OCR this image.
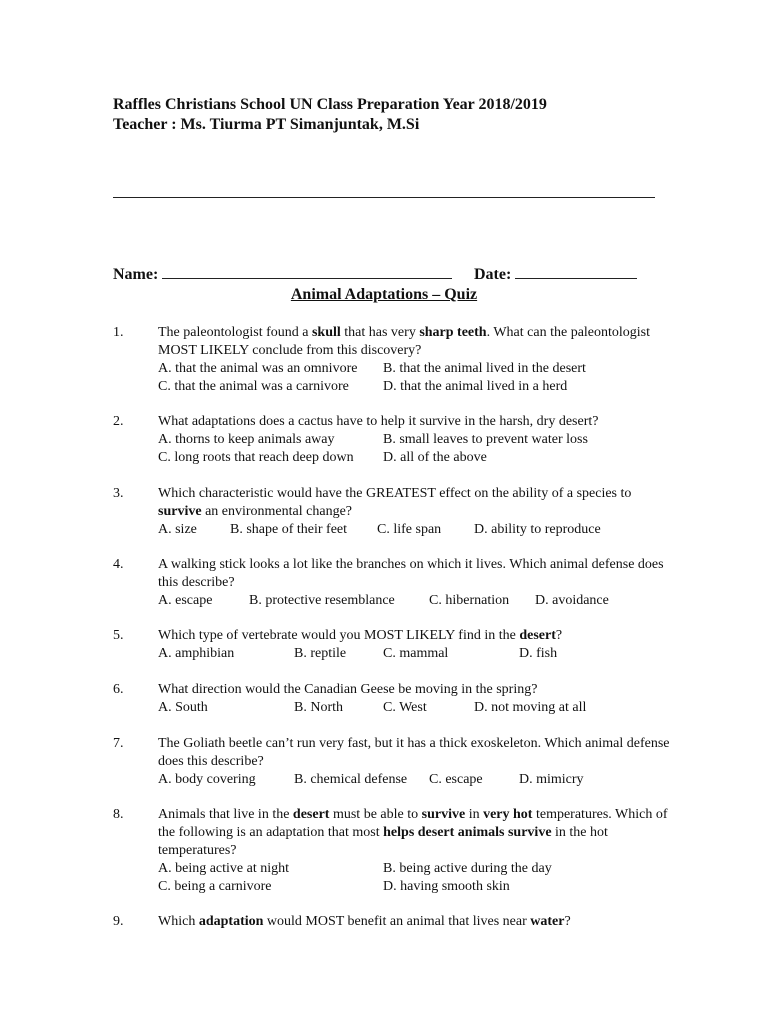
Raffles Christians School UN Class Preparation Year 2018/2019
Teacher : Ms. Tiurma PT Simanjuntak, M.Si
Name:	Date:
Animal Adaptations – Quiz
1. The paleontologist found a skull that has very sharp teeth. What can the paleontologist MOST LIKELY conclude from this discovery?
A. that the animal was an omnivore B. that the animal lived in the desert
C. that the animal was a carnivore D. that the animal lived in a herd
2. What adaptations does a cactus have to help it survive in the harsh, dry desert?
A. thorns to keep animals away	B. small leaves to prevent water loss
C. long roots that reach deep down D. all of the above
3. Which characteristic would have the GREATEST effect on the ability of a species to survive an environmental change?
A. size B. shape of their feet C. life span D. ability to reproduce
4. A walking stick looks a lot like the branches on which it lives. Which animal defense does this describe?
A. escape	B. protective resemblance C. hibernation D. avoidance
5. Which type of vertebrate would you MOST LIKELY find in the desert?
A. amphibian	B. reptile	C. mammal	D. fish
6. What direction would the Canadian Geese be moving in the spring?
A. South	B. North	C. West	D. not moving at all
7. The Goliath beetle can’t run very fast, but it has a thick exoskeleton. Which animal defense does this describe?
A. body covering	B. chemical defense C. escape	D. mimicry
8. Animals that live in the desert must be able to survive in very hot temperatures. Which of the following is an adaptation that most helps desert animals survive in the hot temperatures?
A. being active at night	B. being active during the day
C. being a carnivore	D. having smooth skin
9. Which adaptation would MOST benefit an animal that lives near water?
